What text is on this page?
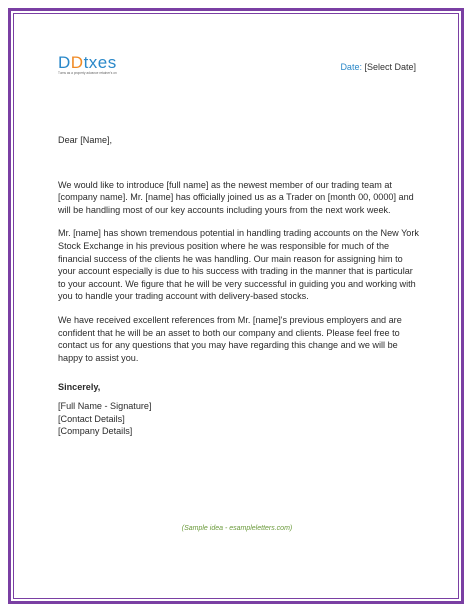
DDtxes
Turns as a property advance retainer's on
Date: [Select Date]

Dear [Name],

We would like to introduce [full name] as the newest member of our trading team at [company name]. Mr. [name] has officially joined us as a Trader on [month 00, 0000] and will be handling most of our key accounts including yours from the next work week.

Mr. [name] has shown tremendous potential in handling trading accounts on the New York Stock Exchange in his previous position where he was responsible for much of the financial success of the clients he was handling. Our main reason for assigning him to your account especially is due to his success with trading in the manner that is particular to your account. We figure that he will be very successful in guiding you and working with you to handle your trading account with delivery-based stocks.

We have received excellent references from Mr. [name]'s previous employers and are confident that he will be an asset to both our company and clients. Please feel free to contact us for any questions that you may have regarding this change and we will be happy to assist you.

Sincerely,

[Full Name - Signature]

[Contact Details]

[Company Details]

(Sample idea - esampleletters.com)
